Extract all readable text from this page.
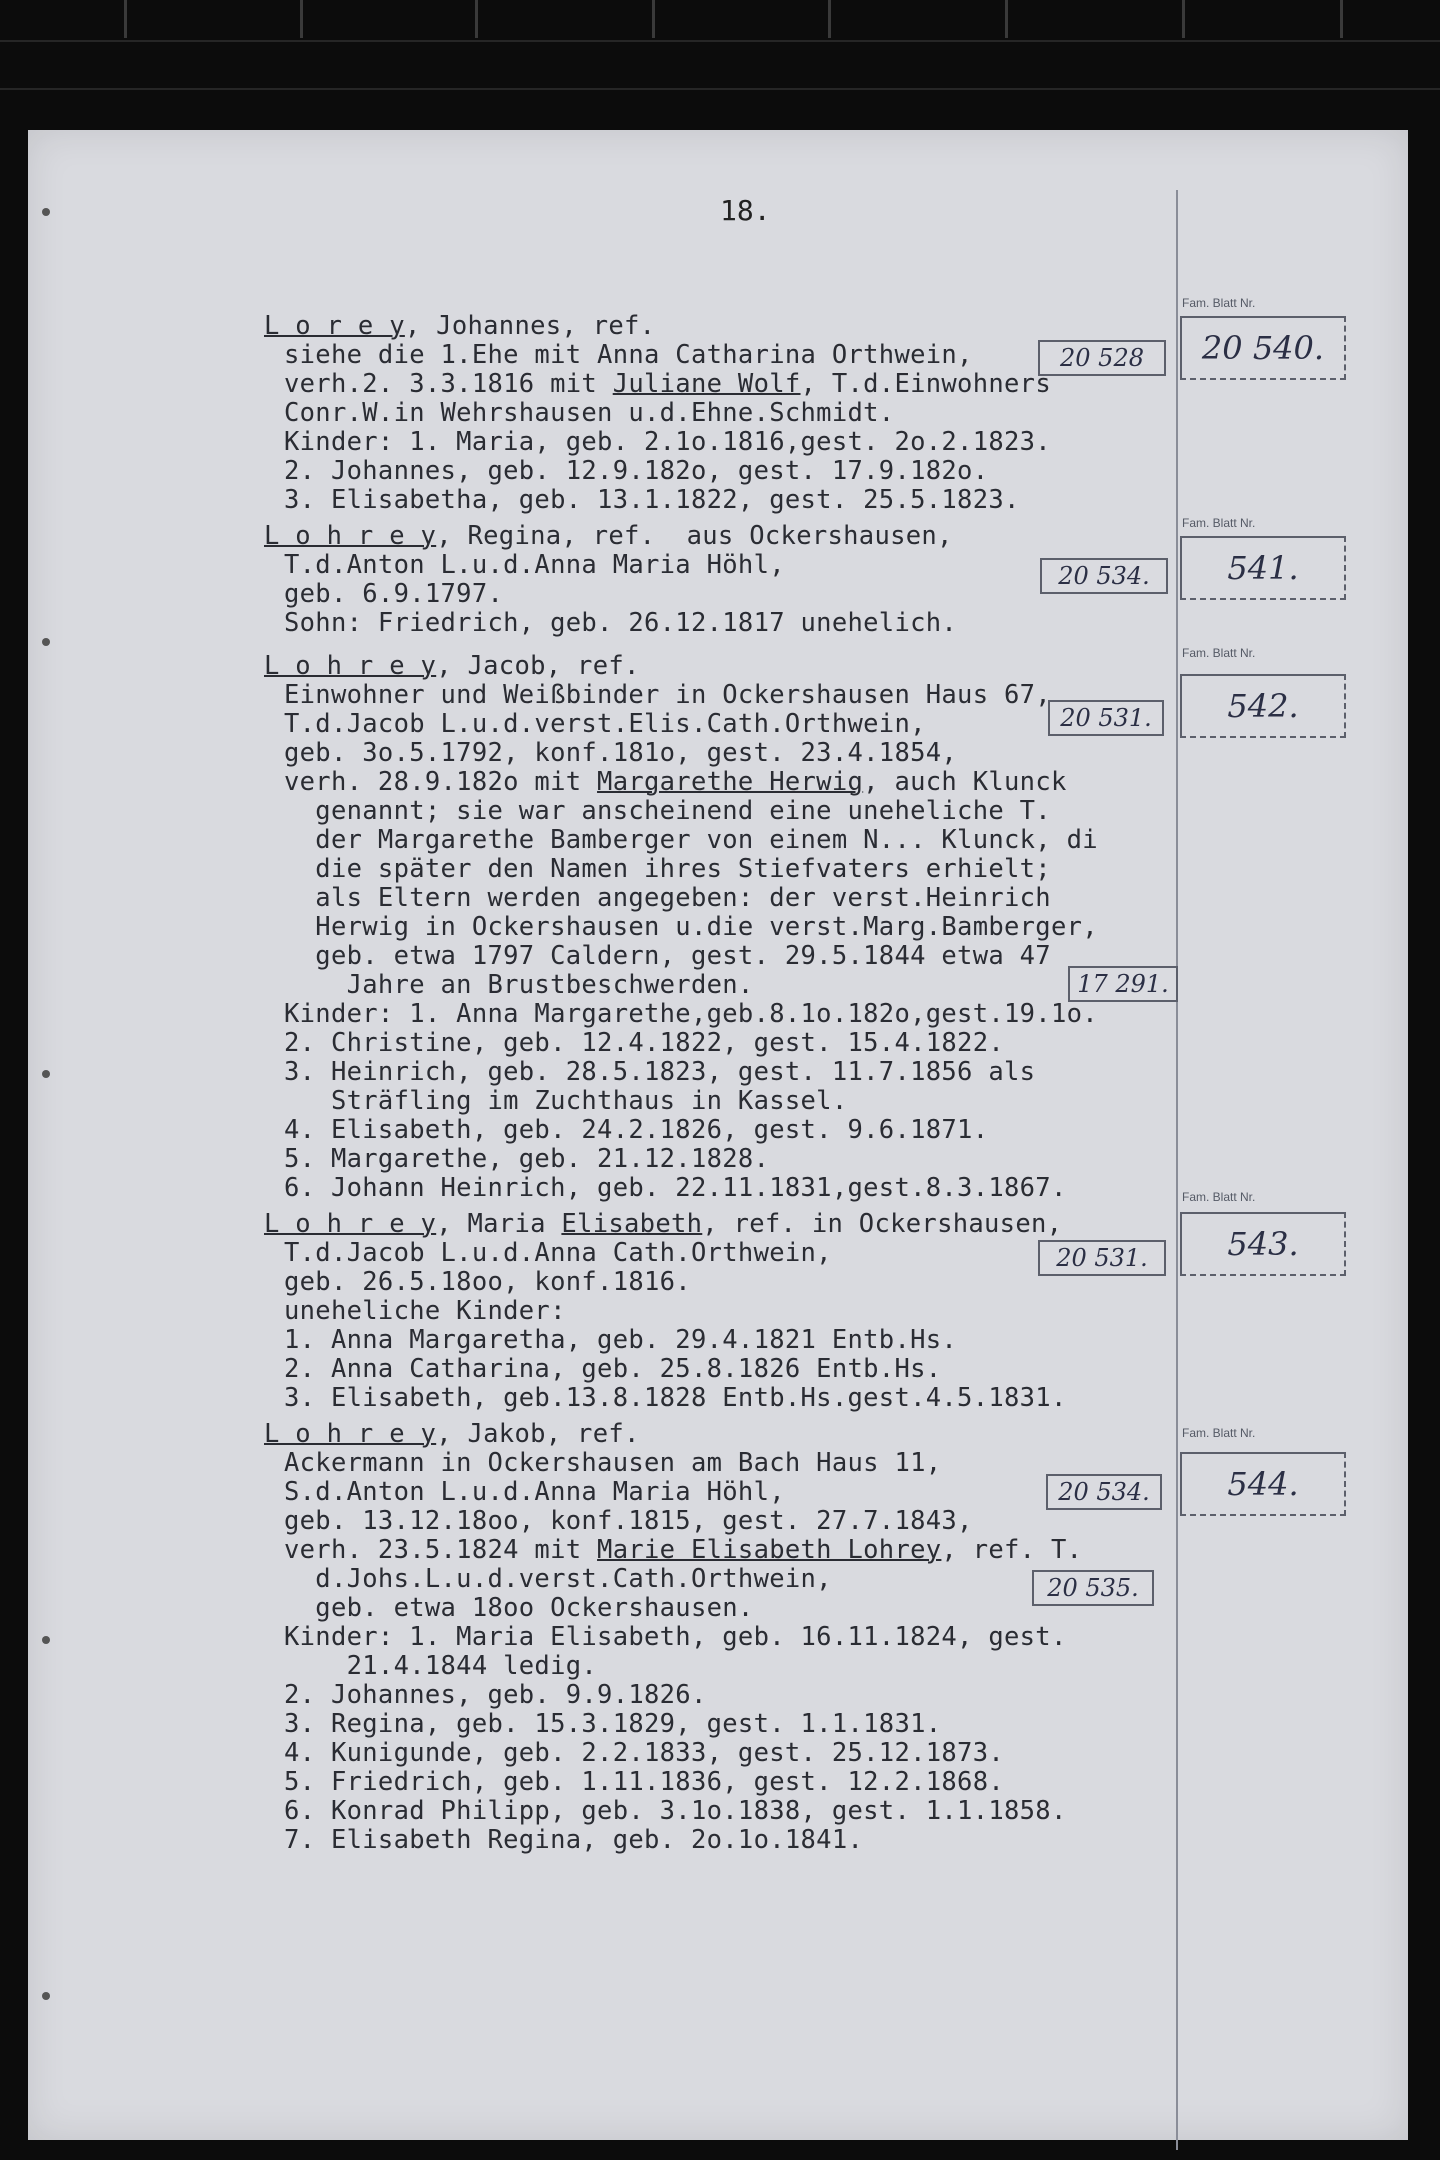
18.
20 528
Fam. Blatt Nr.
20 540.
20 534.
Fam. Blatt Nr.
541.
20 531.
17 291.
Fam. Blatt Nr.
542.
20 531.
Fam. Blatt Nr.
543.
20 534.
20 535.
Fam. Blatt Nr.
544.
L o r e y, Johannes, ref.
siehe die 1.Ehe mit Anna Catharina Orthwein,
verh.2. 3.3.1816 mit Juliane Wolf, T.d.Einwohners
Conr.W.in Wehrshausen u.d.Ehne.Schmidt.
Kinder: 1. Maria, geb. 2.1o.1816,gest. 2o.2.1823.
2. Johannes, geb. 12.9.182o, gest. 17.9.182o.
3. Elisabetha, geb. 13.1.1822, gest. 25.5.1823.
L o h r e y, Regina, ref.  aus Ockershausen,
T.d.Anton L.u.d.Anna Maria Höhl,
geb. 6.9.1797.
Sohn: Friedrich, geb. 26.12.1817 unehelich.
L o h r e y, Jacob, ref.
Einwohner und Weißbinder in Ockershausen Haus 67,
T.d.Jacob L.u.d.verst.Elis.Cath.Orthwein,
geb. 3o.5.1792, konf.181o, gest. 23.4.1854,
verh. 28.9.182o mit Margarethe Herwig, auch Klunck
genannt; sie war anscheinend eine uneheliche T.
der Margarethe Bamberger von einem N... Klunck, di
die später den Namen ihres Stiefvaters erhielt;
als Eltern werden angegeben: der verst.Heinrich
Herwig in Ockershausen u.die verst.Marg.Bamberger,
geb. etwa 1797 Caldern, gest. 29.5.1844 etwa 47
Jahre an Brustbeschwerden.
Kinder: 1. Anna Margarethe,geb.8.1o.182o,gest.19.1o.
2. Christine, geb. 12.4.1822, gest. 15.4.1822.
3. Heinrich, geb. 28.5.1823, gest. 11.7.1856 als
Sträfling im Zuchthaus in Kassel.
4. Elisabeth, geb. 24.2.1826, gest. 9.6.1871.
5. Margarethe, geb. 21.12.1828.
6. Johann Heinrich, geb. 22.11.1831,gest.8.3.1867.
L o h r e y, Maria Elisabeth, ref. in Ockershausen,
T.d.Jacob L.u.d.Anna Cath.Orthwein,
geb. 26.5.18oo, konf.1816.
uneheliche Kinder:
1. Anna Margaretha, geb. 29.4.1821 Entb.Hs.
2. Anna Catharina, geb. 25.8.1826 Entb.Hs.
3. Elisabeth, geb.13.8.1828 Entb.Hs.gest.4.5.1831.
L o h r e y, Jakob, ref.
Ackermann in Ockershausen am Bach Haus 11,
S.d.Anton L.u.d.Anna Maria Höhl,
geb. 13.12.18oo, konf.1815, gest. 27.7.1843,
verh. 23.5.1824 mit Marie Elisabeth Lohrey, ref. T.
d.Johs.L.u.d.verst.Cath.Orthwein,
geb. etwa 18oo Ockershausen.
Kinder: 1. Maria Elisabeth, geb. 16.11.1824, gest.
21.4.1844 ledig.
2. Johannes, geb. 9.9.1826.
3. Regina, geb. 15.3.1829, gest. 1.1.1831.
4. Kunigunde, geb. 2.2.1833, gest. 25.12.1873.
5. Friedrich, geb. 1.11.1836, gest. 12.2.1868.
6. Konrad Philipp, geb. 3.1o.1838, gest. 1.1.1858.
7. Elisabeth Regina, geb. 2o.1o.1841.
